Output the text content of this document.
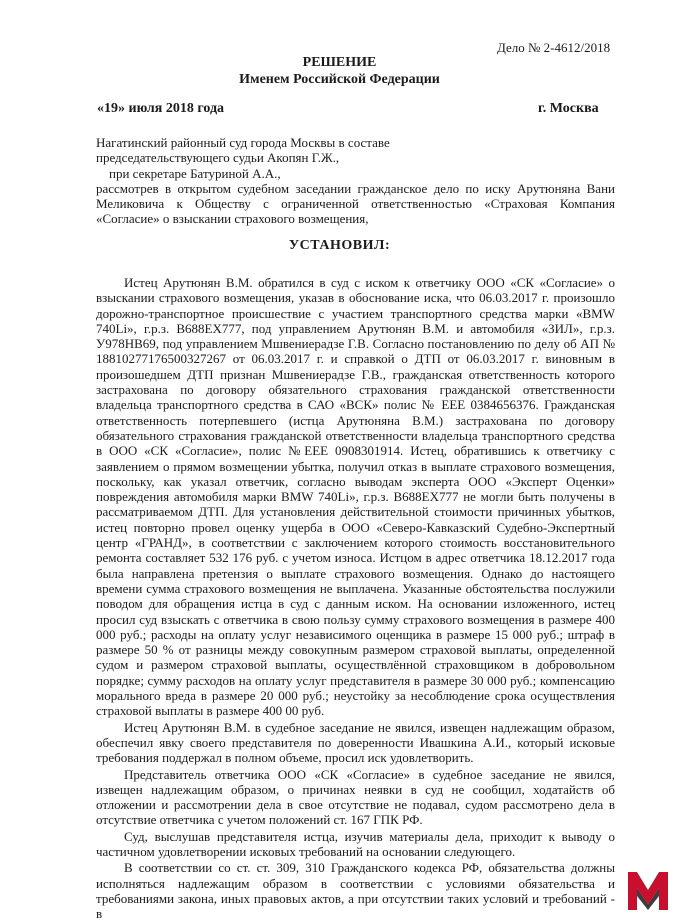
Дело № 2-4612/2018
РЕШЕНИЕ
Именем Российской Федерации
«19» июля 2018 года	г. Москва

Нагатинский районный суд города Москвы в составе

председательствующего судьи Акопян Г.Ж.,

при секретаре Батуриной А.А.,

рассмотрев в открытом судебном заседании гражданское дело по иску Арутюняна Вани Меликовича к Обществу с ограниченной ответственностью «Страховая Компания «Согласие» о взыскании страхового возмещения,

УСТАНОВИЛ:

Истец Арутюнян В.М. обратился в суд с иском к ответчику ООО «СК «Согласие» о взыскании страхового возмещения, указав в обоснование иска, что 06.03.2017 г. произошло дорожно-транспортное происшествие с участием транспортного средства марки «BMW 740Li», г.р.з. В688ЕХ777, под управлением Арутюнян В.М. и автомобиля «ЗИЛ», г.р.з. У978НВ69, под управлением Мшвениерадзе Г.В. Согласно постановлению по делу об АП № 18810277176500327267 от 06.03.2017 г. и справкой о ДТП от 06.03.2017 г. виновным в произошедшем ДТП признан Мшвениерадзе Г.В., гражданская ответственность которого застрахована по договору обязательного страхования гражданской ответственности владельца транспортного средства в САО «ВСК» полис № ЕЕЕ 0384656376. Гражданская ответственность потерпевшего (истца Арутюняна В.М.) застрахована по договору обязательного страхования гражданской ответственности владельца транспортного средства в ООО «СК «Согласие», полис №ЕЕЕ 0908301914. Истец, обратившись к ответчику с заявлением о прямом возмещении убытка, получил отказ в выплате страхового возмещения, поскольку, как указал ответчик, согласно выводам эксперта ООО «Эксперт Оценки» повреждения автомобиля марки BMW 740Li», г.р.з. В688ЕХ777 не могли быть получены в рассматриваемом ДТП. Для установления действительной стоимости причинных убытков, истец повторно провел оценку ущерба в ООО «Северо-Кавказский Судебно-Экспертный центр «ГРАНД», в соответствии с заключением которого стоимость восстановительного ремонта составляет 532 176 руб. с учетом износа. Истцом в адрес ответчика 18.12.2017 года была направлена претензия о выплате страхового возмещения. Однако до настоящего времени сумма страхового возмещения не выплачена. Указанные обстоятельства послужили поводом для обращения истца в суд с данным иском. На основании изложенного, истец просил суд взыскать с ответчика в свою пользу сумму страхового возмещения в размере 400 000 руб.; расходы на оплату услуг независимого оценщика в размере 15 000 руб.; штраф в размере 50 % от разницы между совокупным размером страховой выплаты, определенной судом и размером страховой выплаты, осуществлённой страховщиком в добровольном порядке; сумму расходов на оплату услуг представителя в размере 30 000 руб.; компенсацию морального вреда в размере 20 000 руб.; неустойку за несоблюдение срока осуществления страховой выплаты в размере 400 00 руб.

Истец Арутюнян В.М. в судебное заседание не явился, извещен надлежащим образом, обеспечил явку своего представителя по доверенности Ивашкина А.И., который исковые требования поддержал в полном объеме, просил иск удовлетворить.

Представитель ответчика ООО «СК «Согласие» в судебное заседание не явился, извещен надлежащим образом, о причинах неявки в суд не сообщил, ходатайств об отложении и рассмотрении дела в свое отсутствие не подавал, судом рассмотрено дела в отсутствие ответчика с учетом положений ст. 167 ГПК РФ.

Суд, выслушав представителя истца, изучив материалы дела, приходит к выводу о частичном удовлетворении исковых требований на основании следующего.

В соответствии со ст. ст. 309, 310 Гражданского кодекса РФ, обязательства должны исполняться надлежащим образом в соответствии с условиями обязательства и требованиями закона, иных правовых актов, а при отсутствии таких условий и требований - в
